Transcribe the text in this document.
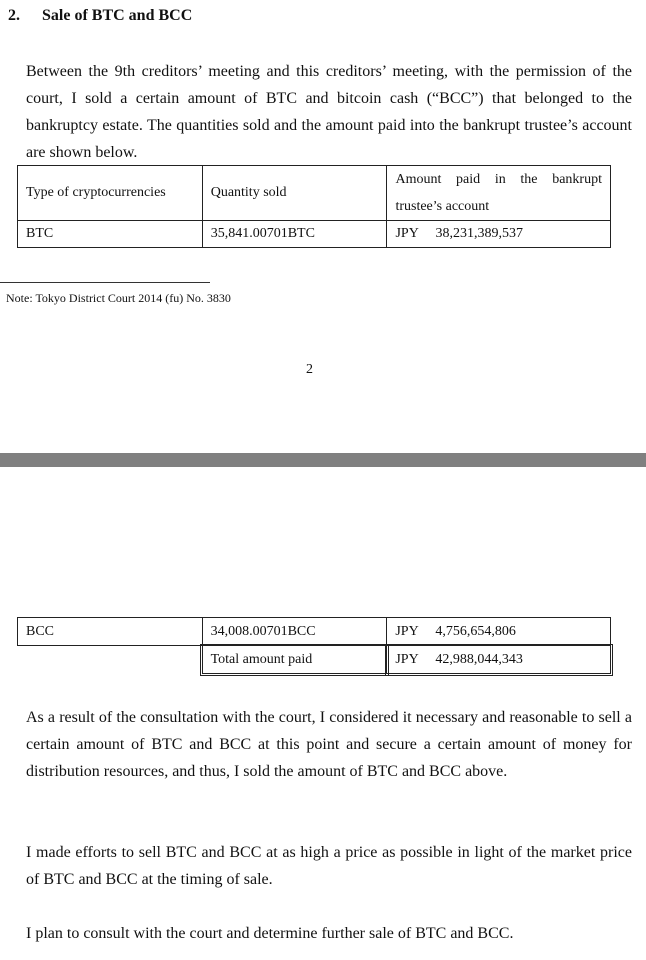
2. Sale of BTC and BCC
Between the 9th creditors’ meeting and this creditors’ meeting, with the permission of the court, I sold a certain amount of BTC and bitcoin cash (“BCC”) that belonged to the bankruptcy estate. The quantities sold and the amount paid into the bankrupt trustee’s account are shown below.
Type of cryptocurrencies	Quantity sold	Amount paid in the bankrupt
trustee’s account

BTC	35,841.00701BTC	JPY 38,231,389,537
Note: Tokyo District Court 2014 (fu) No. 3830
2
BCC	34,008.00701BCC	JPY 4,756,654,806
	Total amount paid	JPY 42,988,044,343
As a result of the consultation with the court, I considered it necessary and reasonable to sell a certain amount of BTC and BCC at this point and secure a certain amount of money for distribution resources, and thus, I sold the amount of BTC and BCC above.
I made efforts to sell BTC and BCC at as high a price as possible in light of the market price of BTC and BCC at the timing of sale.
I plan to consult with the court and determine further sale of BTC and BCC.
